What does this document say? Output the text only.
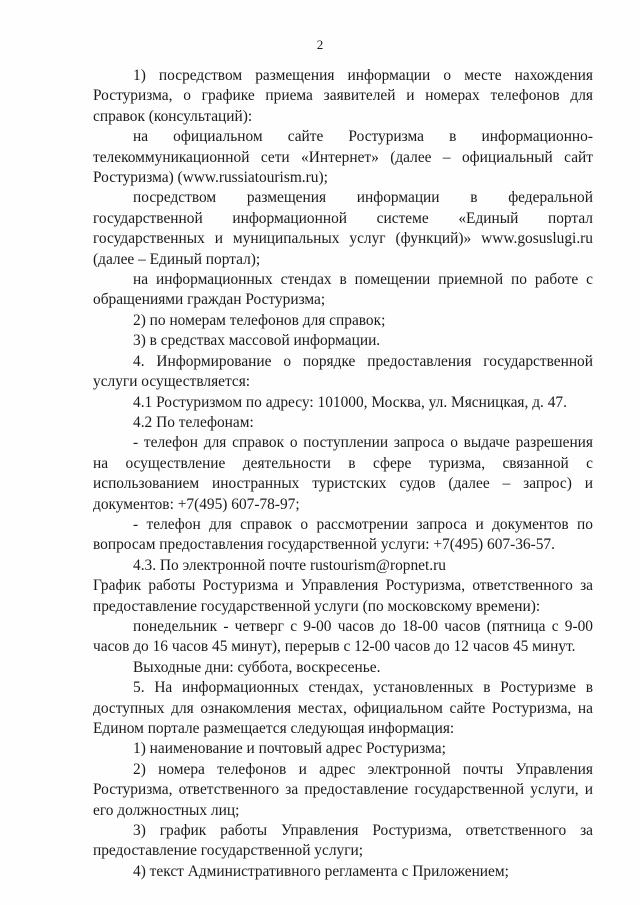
2

1) посредством размещения информации о месте нахождения Ростуризма, о графике приема заявителей и номерах телефонов для справок (консультаций):

на официальном сайте Ростуризма в информационно-телекоммуникационной сети «Интернет» (далее – официальный сайт Ростуризма) (www.russiatourism.ru);

посредством размещения информации в федеральной государственной информационной системе «Единый портал государственных и муниципальных услуг (функций)» www.gosuslugi.ru (далее – Единый портал);

на информационных стендах в помещении приемной по работе с обращениями граждан Ростуризма;

2) по номерам телефонов для справок;

3) в средствах массовой информации.

4. Информирование о порядке предоставления государственной услуги осуществляется:

4.1 Ростуризмом по адресу: 101000, Москва, ул. Мясницкая, д. 47.

4.2 По телефонам:

- телефон для справок о поступлении запроса о выдаче разрешения на осуществление деятельности в сфере туризма, связанной с использованием иностранных туристских судов (далее – запрос) и документов: +7(495) 607-78-97;

- телефон для справок о рассмотрении запроса и документов по вопросам предоставления государственной услуги: +7(495) 607-36-57.

4.3. По электронной почте rustourism@ropnet.ru

График работы Ростуризма и Управления Ростуризма, ответственного за предоставление государственной услуги (по московскому времени):

понедельник - четверг с 9-00 часов до 18-00 часов (пятница с 9-00 часов до 16 часов 45 минут), перерыв с 12-00 часов до 12 часов 45 минут.

Выходные дни: суббота, воскресенье.

5. На информационных стендах, установленных в Ростуризме в доступных для ознакомления местах, официальном сайте Ростуризма, на Едином портале размещается следующая информация:

1) наименование и почтовый адрес Ростуризма;

2) номера телефонов и адрес электронной почты Управления Ростуризма, ответственного за предоставление государственной услуги, и его должностных лиц;

3) график работы Управления Ростуризма, ответственного за предоставление государственной услуги;

4) текст Административного регламента с Приложением;
